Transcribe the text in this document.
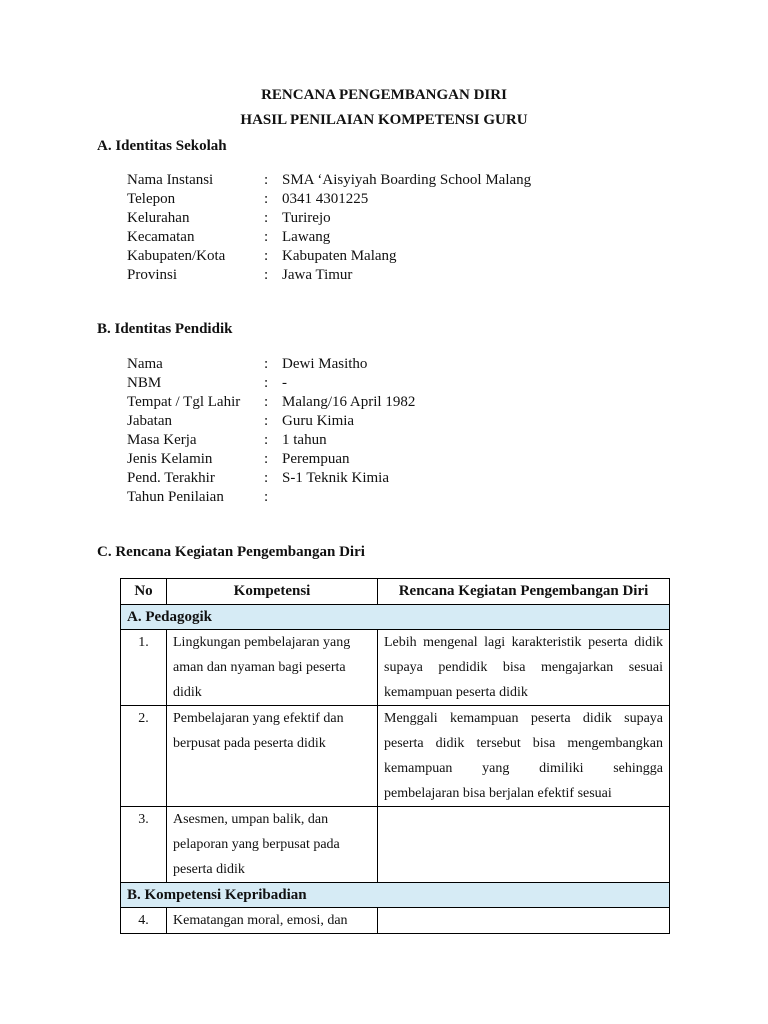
RENCANA PENGEMBANGAN DIRI
HASIL PENILAIAN KOMPETENSI GURU
A. Identitas Sekolah
Nama Instansi	: SMA ‘Aisyiyah Boarding School Malang
Telepon	: 0341 4301225
Kelurahan	: Turirejo
Kecamatan	: Lawang
Kabupaten/Kota	: Kabupaten Malang
Provinsi	: Jawa Timur
B. Identitas Pendidik
Nama	: Dewi Masitho
NBM	: -
Tempat / Tgl Lahir : Malang/16 April 1982
Jabatan	: Guru Kimia
Masa Kerja	: 1 tahun
Jenis Kelamin	: Perempuan
Pend. Terakhir	: S-1 Teknik Kimia
Tahun Penilaian	:
C. Rencana Kegiatan Pengembangan Diri
No	Kompetensi	Rencana Kegiatan Pengembangan Diri
A. Pedagogik		
1.	Lingkungan pembelajaran yang aman dan nyaman bagi peserta didik	Lebih mengenal lagi karakteristik peserta didik supaya pendidik bisa mengajarkan sesuai kemampuan peserta didik
2.	Pembelajaran yang efektif dan berpusat pada peserta didik	Menggali kemampuan peserta didik supaya peserta didik tersebut bisa mengembangkan kemampuan yang dimiliki sehingga pembelajaran bisa berjalan efektif sesuai
3.	Asesmen, umpan balik, dan pelaporan yang berpusat pada peserta didik	
B. Kompetensi Kepribadian		
4.	Kematangan moral, emosi, dan	
